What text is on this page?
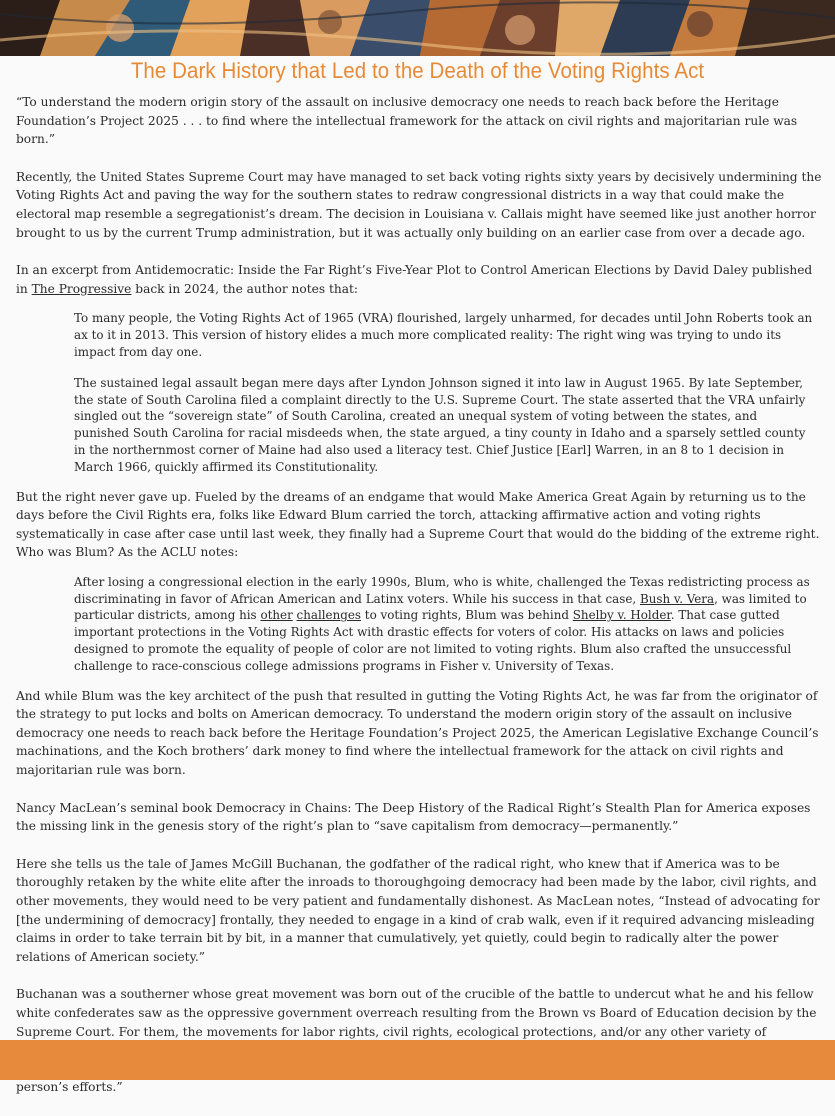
The Dark History that Led to the Death of the Voting Rights Act

“To understand the modern origin story of the assault on inclusive democracy one needs to reach back before the Heritage Foundation’s Project 2025 . . . to find where the intellectual framework for the attack on civil rights and majoritarian rule was born.”

Recently, the United States Supreme Court may have managed to set back voting rights sixty years by decisively undermining the Voting Rights Act and paving the way for the southern states to redraw congressional districts in a way that could make the electoral map resemble a segregationist’s dream. The decision in Louisiana v. Callais might have seemed like just another horror brought to us by the current Trump administration, but it was actually only building on an earlier case from over a decade ago.

In an excerpt from Antidemocratic: Inside the Far Right’s Five-Year Plot to Control American Elections by David Daley published in The Progressive back in 2024, the author notes that:

To many people, the Voting Rights Act of 1965 (VRA) flourished, largely unharmed, for decades until John Roberts took an ax to it in 2013. This version of history elides a much more complicated reality: The right wing was trying to undo its impact from day one.

The sustained legal assault began mere days after Lyndon Johnson signed it into law in August 1965. By late September, the state of South Carolina filed a complaint directly to the U.S. Supreme Court. The state asserted that the VRA unfairly singled out the “sovereign state” of South Carolina, created an unequal system of voting between the states, and punished South Carolina for racial misdeeds when, the state argued, a tiny county in Idaho and a sparsely settled county in the northernmost corner of Maine had also used a literacy test. Chief Justice [Earl] Warren, in an 8 to 1 decision in March 1966, quickly affirmed its Constitutionality.

But the right never gave up. Fueled by the dreams of an endgame that would Make America Great Again by returning us to the days before the Civil Rights era, folks like Edward Blum carried the torch, attacking affirmative action and voting rights systematically in case after case until last week, they finally had a Supreme Court that would do the bidding of the extreme right. Who was Blum? As the ACLU notes:

After losing a congressional election in the early 1990s, Blum, who is white, challenged the Texas redistricting process as discriminating in favor of African American and Latinx voters. While his success in that case, Bush v. Vera, was limited to particular districts, among his other challenges to voting rights, Blum was behind Shelby v. Holder. That case gutted important protections in the Voting Rights Act with drastic effects for voters of color. His attacks on laws and policies designed to promote the equality of people of color are not limited to voting rights. Blum also crafted the unsuccessful challenge to race-conscious college admissions programs in Fisher v. University of Texas.

And while Blum was the key architect of the push that resulted in gutting the Voting Rights Act, he was far from the originator of the strategy to put locks and bolts on American democracy. To understand the modern origin story of the assault on inclusive democracy one needs to reach back before the Heritage Foundation’s Project 2025, the American Legislative Exchange Council’s machinations, and the Koch brothers’ dark money to find where the intellectual framework for the attack on civil rights and majoritarian rule was born.

Nancy MacLean’s seminal book Democracy in Chains: The Deep History of the Radical Right’s Stealth Plan for America exposes the missing link in the genesis story of the right’s plan to “save capitalism from democracy—permanently.”

Here she tells us the tale of James McGill Buchanan, the godfather of the radical right, who knew that if America was to be thoroughly retaken by the white elite after the inroads to thoroughgoing democracy had been made by the labor, civil rights, and other movements, they would need to be very patient and fundamentally dishonest. As MacLean notes, “Instead of advocating for [the undermining of democracy] frontally, they needed to engage in a kind of crab walk, even if it required advancing misleading claims in order to take terrain bit by bit, in a manner that cumulatively, yet quietly, could begin to radically alter the power relations of American society.”

Buchanan was a southerner whose great movement was born out of the crucible of the battle to undercut what he and his fellow white confederates saw as the oppressive government overreach resulting from the Brown vs Board of Education decision by the Supreme Court. For them, the movements for labor rights, civil rights, ecological protections, and/or any other variety of person’s efforts.”
